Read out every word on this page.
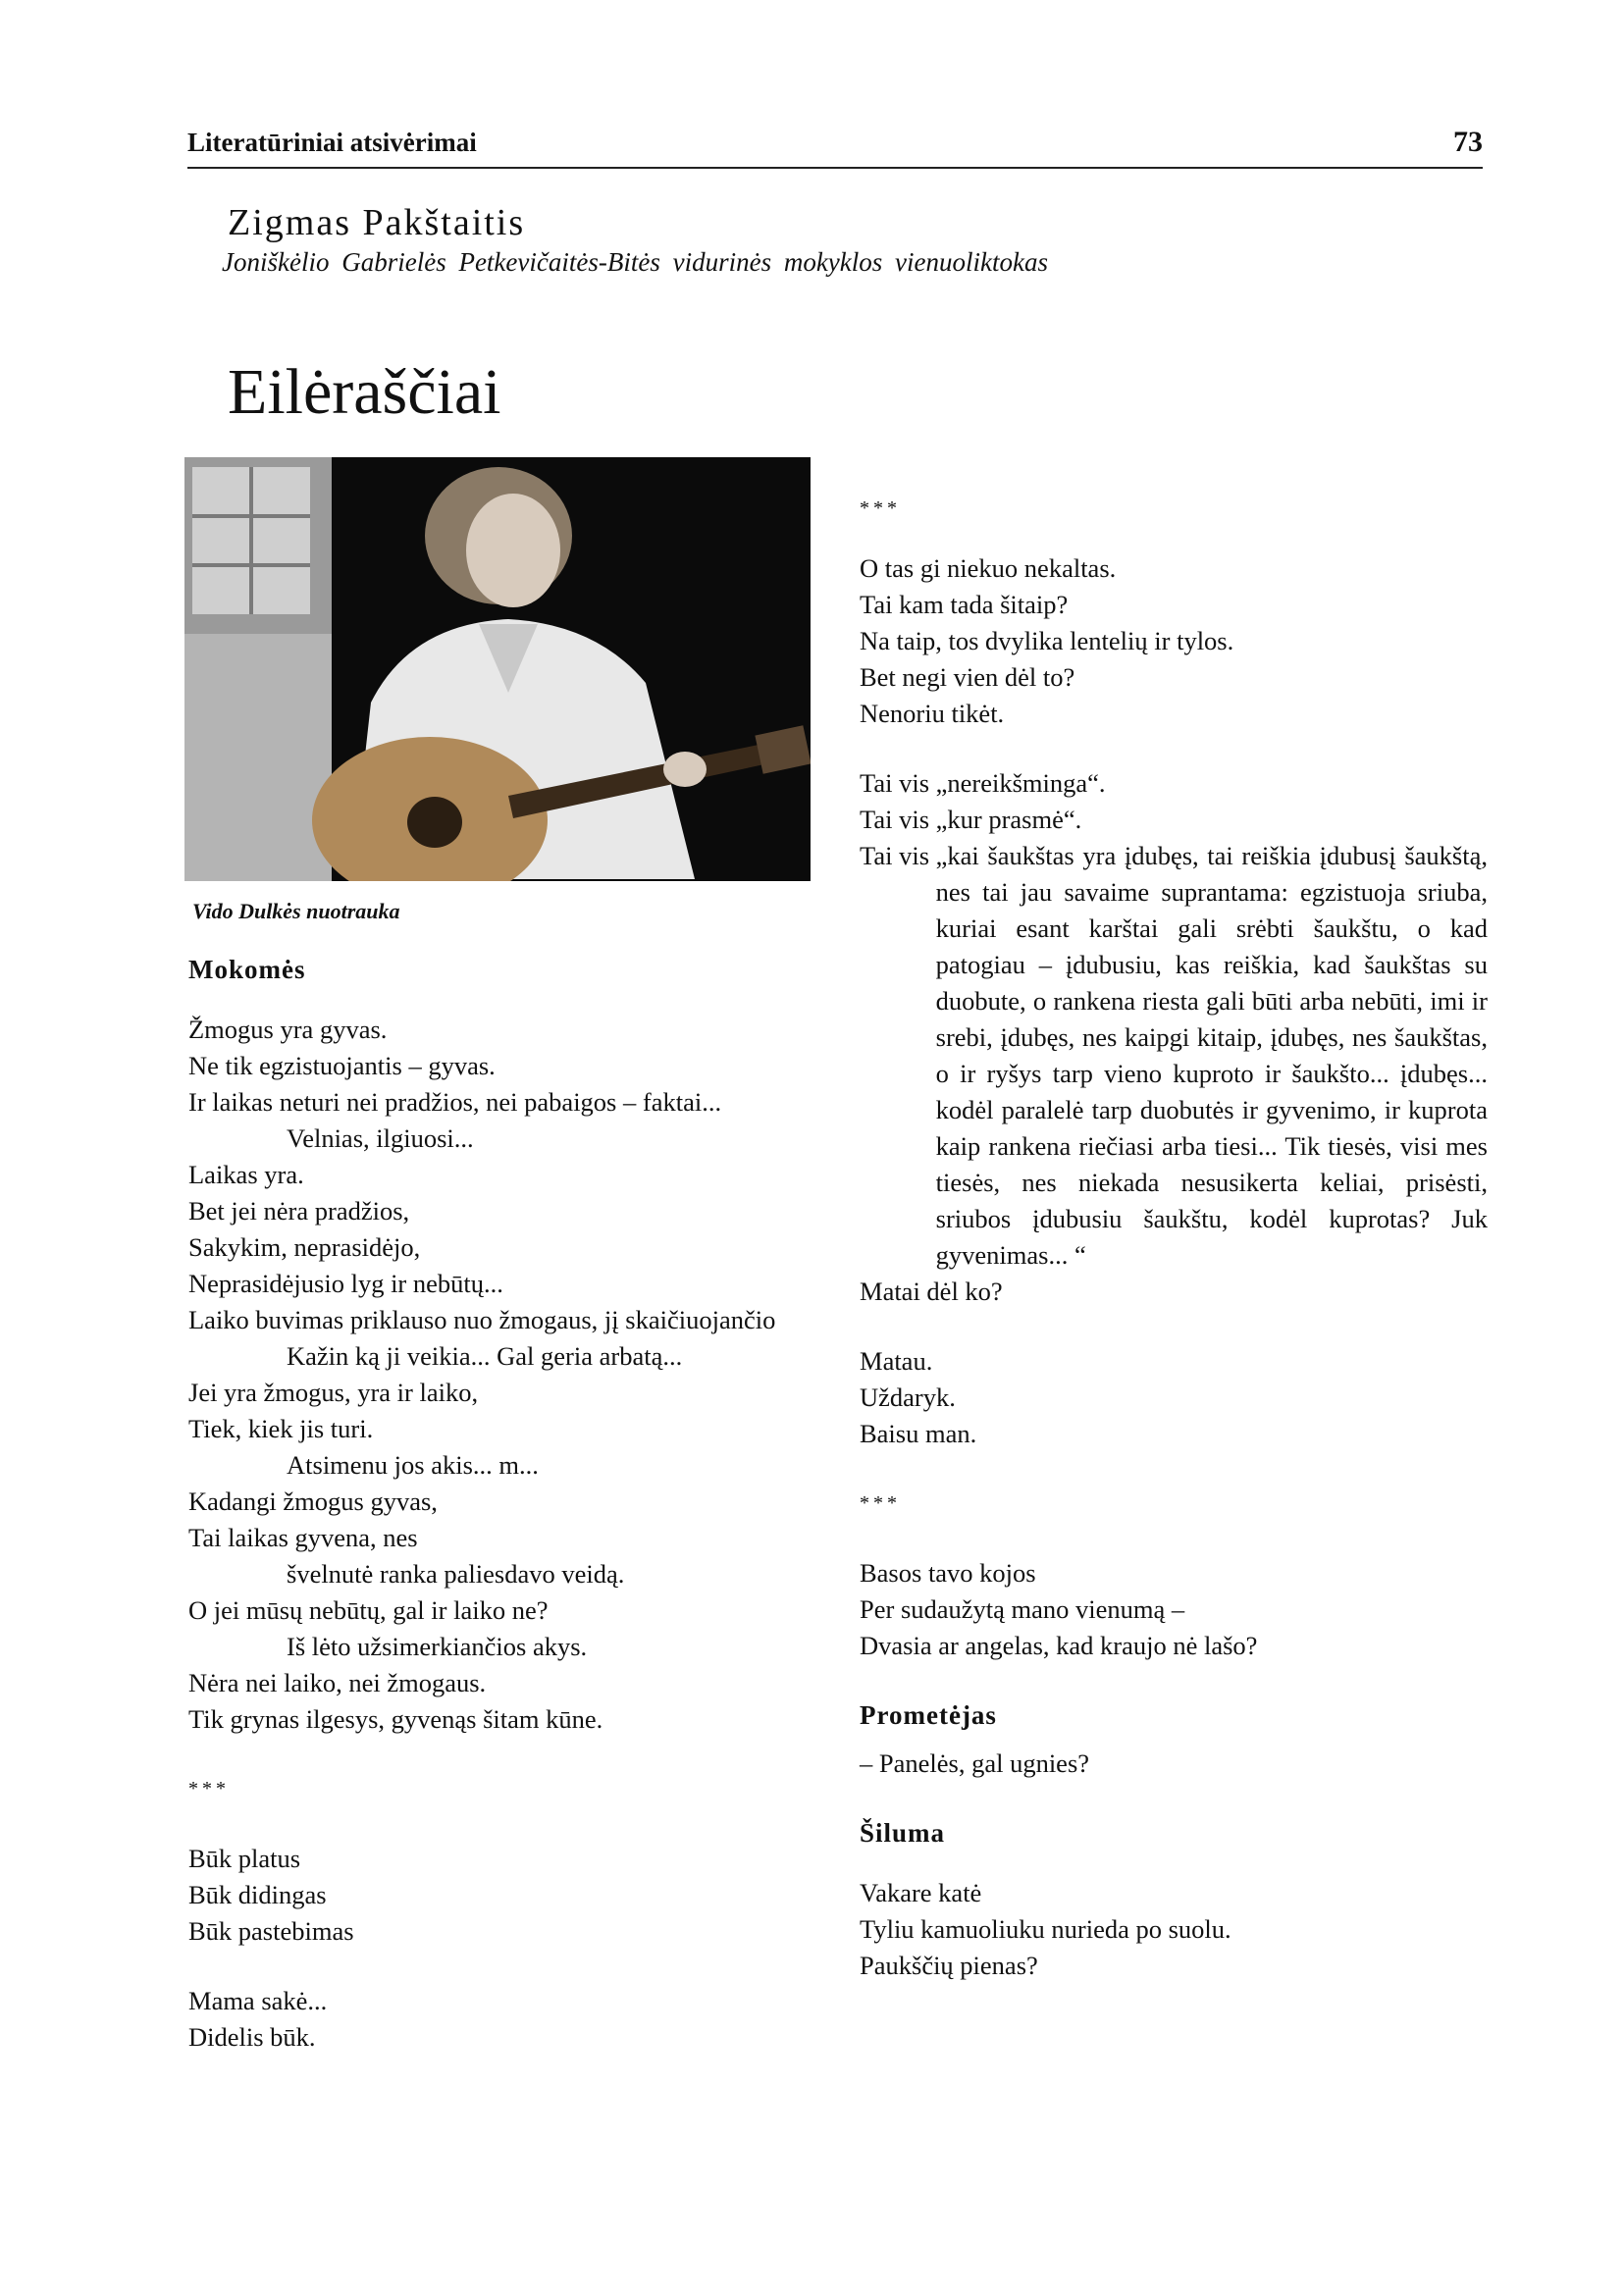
Literatūriniai atsivėrimai	73
Zigmas Pakštaitis
Joniškėlio Gabrielės Petkevičaitės-Bitės vidurinės mokyklos vienuoliktokas
Eilėraščiai
Vido Dulkės nuotrauka
Mokomės
Žmogus yra gyvas.
Ne tik egzistuojantis – gyvas.
Ir laikas neturi nei pradžios, nei pabaigos – faktai...
Velnias, ilgiuosi...
Laikas yra.
Bet jei nėra pradžios,
Sakykim, neprasidėjo,
Neprasidėjusio lyg ir nebūtų...
Laiko buvimas priklauso nuo žmogaus, jį skaičiuojančio
Kažin ką ji veikia... Gal geria arbatą...
Jei yra žmogus, yra ir laiko,
Tiek, kiek jis turi.
Atsimenu jos akis... m...
Kadangi žmogus gyvas,
Tai laikas gyvena, nes
švelnutė ranka paliesdavo veidą.
O jei mūsų nebūtų, gal ir laiko ne?
Iš lėto užsimerkiančios akys.
Nėra nei laiko, nei žmogaus.
Tik grynas ilgesys, gyvenąs šitam kūne.
***
Būk platus
Būk didingas
Būk pastebimas
Mama sakė...
Didelis būk.
***
O tas gi niekuo nekaltas.
Tai kam tada šitaip?
Na taip, tos dvylika lentelių ir tylos.
Bet negi vien dėl to?
Nenoriu tikėt.
Tai vis „nereikšminga“.
Tai vis „kur prasmė“.
Tai vis „kai šaukštas yra įdubęs, tai reiškia įdubusį šaukštą, nes tai jau savaime suprantama: egzistuoja sriuba, kuriai esant karštai gali srėbti šaukštu, o kad patogiau – įdubusiu, kas reiškia, kad šaukštas su duobute, o rankena riesta gali būti arba nebūti, imi ir srebi, įdubęs, nes kaipgi kitaip, įdubęs, nes šaukštas, o ir ryšys tarp vieno kuproto ir šaukšto... įdubęs... kodėl paralelė tarp duobutės ir gyvenimo, ir kuprota kaip rankena riečiasi arba tiesi... Tik tiesės, visi mes tiesės, nes niekada nesusikerta keliai, prisėsti, sriubos įdubusiu šaukštu, kodėl kuprotas? Juk gyvenimas... “
Matai dėl ko?
Matau.
Uždaryk.
Baisu man.
***
Basos tavo kojos
Per sudaužytą mano vienumą –
Dvasia ar angelas, kad kraujo nė lašo?
Prometėjas
– Panelės, gal ugnies?
Šiluma
Vakare katė
Tyliu kamuoliuku nurieda po suolu.
Paukščių pienas?
